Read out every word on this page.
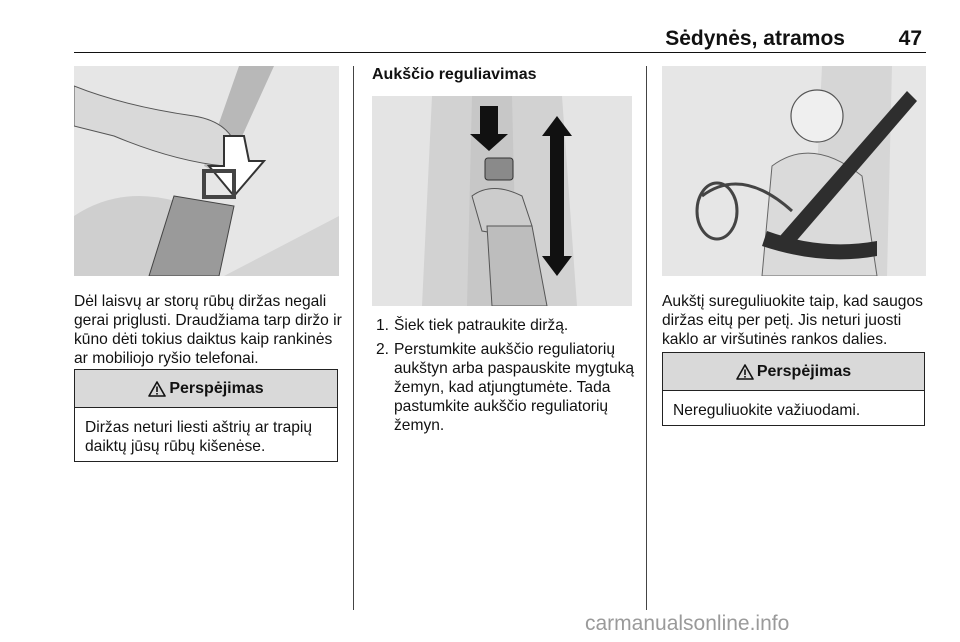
Sėdynės, atramos	47

Dėl laisvų ar storų rūbų diržas negali gerai priglusti. Draudžiama tarp diržo ir kūno dėti tokius daiktus kaip rankinės ar mobiliojo ryšio telefonai.

Perspėjimas
Diržas neturi liesti aštrių ar trapių daiktų jūsų rūbų kišenėse.
Aukščio reguliavimas
1. Šiek tiek patraukite diržą.
2. Perstumkite aukščio reguliatorių aukštyn arba paspauskite mygtuką žemyn, kad atjungtumėte. Tada pastumkite aukščio reguliatorių žemyn.

Aukštį sureguliuokite taip, kad saugos diržas eitų per petį. Jis neturi juosti kaklo ar viršutinės rankos dalies.

Perspėjimas
Nereguliuokite važiuodami.
carmanualsonline.info
